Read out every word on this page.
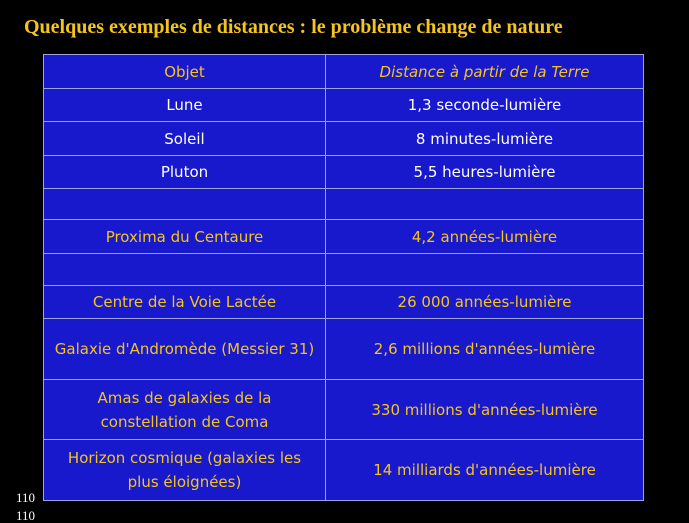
Quelques exemples de distances : le problème change de nature
Objet	Distance à partir de la Terre
Lune	1,3 seconde-lumière
Soleil	8 minutes-lumière
Pluton	5,5 heures-lumière

Proxima du Centaure	4,2 années-lumière

Centre de la Voie Lactée	26 000 années-lumière
Galaxie d'Andromède (Messier 31)	2,6 millions d'années-lumière
Amas de galaxies de la constellation de Coma	330 millions d'années-lumière
Horizon cosmique (galaxies les plus éloignées)	14 milliards d'années-lumière
110
110
